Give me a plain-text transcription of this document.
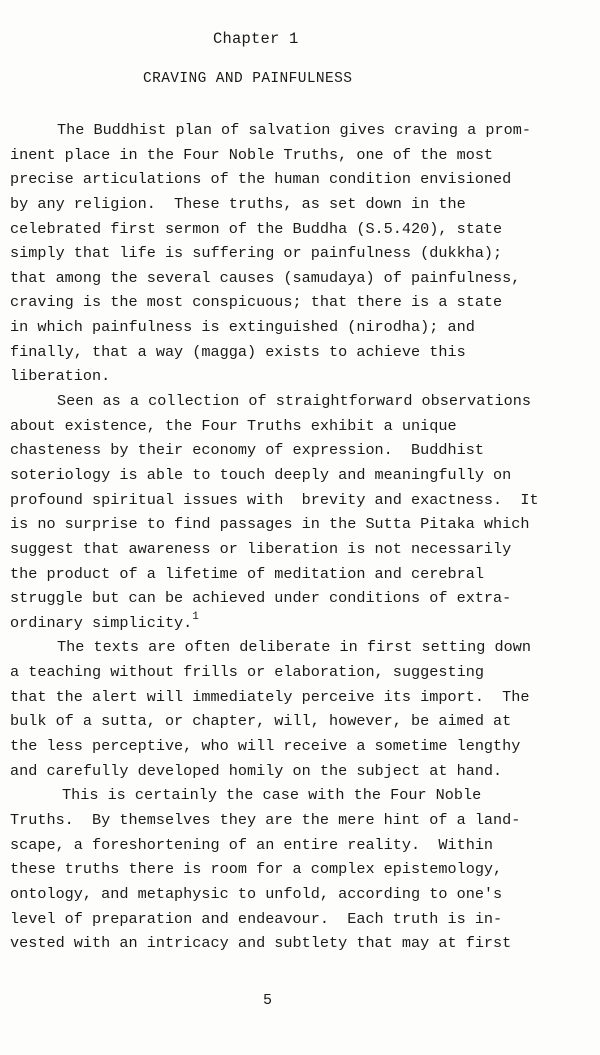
Chapter 1
CRAVING AND PAINFULNESS
The Buddhist plan of salvation gives craving a prom-
inent place in the Four Noble Truths, one of the most
precise articulations of the human condition envisioned
by any religion.  These truths, as set down in the
celebrated first sermon of the Buddha (S.5.420), state
simply that life is suffering or painfulness (dukkha);
that among the several causes (samudaya) of painfulness,
craving is the most conspicuous; that there is a state
in which painfulness is extinguished (nirodha); and
finally, that a way (magga) exists to achieve this
liberation.
Seen as a collection of straightforward observations
about existence, the Four Truths exhibit a unique
chasteness by their economy of expression.  Buddhist
soteriology is able to touch deeply and meaningfully on
profound spiritual issues with  brevity and exactness.  It
is no surprise to find passages in the Sutta Pitaka which
suggest that awareness or liberation is not necessarily
the product of a lifetime of meditation and cerebral
struggle but can be achieved under conditions of extra-
ordinary simplicity.$^1$
The texts are often deliberate in first setting down
a teaching without frills or elaboration, suggesting
that the alert will immediately perceive its import.  The
bulk of a sutta, or chapter, will, however, be aimed at
the less perceptive, who will receive a sometime lengthy
and carefully developed homily on the subject at hand.
This is certainly the case with the Four Noble
Truths.  By themselves they are the mere hint of a land-
scape, a foreshortening of an entire reality.  Within
these truths there is room for a complex epistemology,
ontology, and metaphysic to unfold, according to one's
level of preparation and endeavour.  Each truth is in-
vested with an intricacy and subtlety that may at first
5
